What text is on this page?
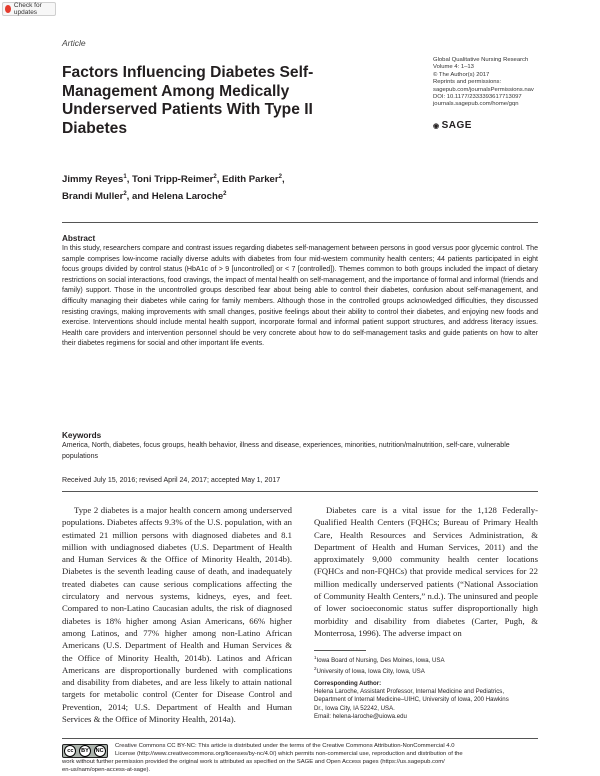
Check for updates
Article
Factors Influencing Diabetes Self-Management Among Medically Underserved Patients With Type II Diabetes
Global Qualitative Nursing Research
Volume 4: 1–13
© The Author(s) 2017
Reprints and permissions:
sagepub.com/journalsPermissions.nav
DOI: 10.1177/2333393617713097
journals.sagepub.com/home/gqn
◉ SAGE
Jimmy Reyes$^1$, Toni Tripp-Reimer$^2$, Edith Parker$^2$,
Brandi Muller$^2$, and Helena Laroche$^2$
Abstract
In this study, researchers compare and contrast issues regarding diabetes self-management between persons in good versus poor glycemic control. The sample comprises low-income racially diverse adults with diabetes from four mid-western community health centers; 44 patients participated in eight focus groups divided by control status (HbA1c of > 9 [uncontrolled] or < 7 [controlled]). Themes common to both groups included the impact of dietary restrictions on social interactions, food cravings, the impact of mental health on self-management, and the importance of formal and informal (friends and family) support. Those in the uncontrolled groups described fear about being able to control their diabetes, confusion about self-management, and difficulty managing their diabetes while caring for family members. Although those in the controlled groups acknowledged difficulties, they discussed resisting cravings, making improvements with small changes, positive feelings about their ability to control their diabetes, and enjoying new foods and exercise. Interventions should include mental health support, incorporate formal and informal patient support structures, and address literacy issues. Health care providers and intervention personnel should be very concrete about how to do self-management tasks and guide patients on how to alter their diabetes regimens for social and other important life events.
Keywords
America, North, diabetes, focus groups, health behavior, illness and disease, experiences, minorities, nutrition/malnutrition, self-care, vulnerable populations
Received July 15, 2016; revised April 24, 2017; accepted May 1, 2017

Type 2 diabetes is a major health concern among underserved populations. Diabetes affects 9.3% of the U.S. population, with an estimated 21 million persons with diagnosed diabetes and 8.1 million with undiagnosed diabetes (U.S. Department of Health and Human Services & the Office of Minority Health, 2014b). Diabetes is the seventh leading cause of death, and inadequately treated diabetes can cause serious complications affecting the circulatory and nervous systems, kidneys, eyes, and feet. Compared to non-Latino Caucasian adults, the risk of diagnosed diabetes is 18% higher among Asian Americans, 66% higher among Latinos, and 77% higher among non-Latino African Americans (U.S. Department of Health and Human Services & the Office of Minority Health, 2014b). Latinos and African Americans are disproportionally burdened with complications and disability from diabetes, and are less likely to attain national targets for metabolic control (Center for Disease Control and Prevention, 2014; U.S. Department of Health and Human Services & the Office of Minority Health, 2014a).

Diabetes care is a vital issue for the 1,128 Federally-Qualified Health Centers (FQHCs; Bureau of Primary Health Care, Health Resources and Services Administration, & Department of Health and Human Services, 2011) and the approximately 9,000 community health center locations (FQHCs and non-FQHCs) that provide medical services for 22 million medically underserved patients (“National Association of Community Health Centers,” n.d.). The uninsured and people of lower socioeconomic status suffer disproportionally high morbidity and disability from diabetes (Carter, Pugh, & Monterrosa, 1996). The adverse impact on

$^1$Iowa Board of Nursing, Des Moines, Iowa, USA
$^2$University of Iowa, Iowa City, Iowa, USA
Corresponding Author:
Helena Laroche, Assistant Professor, Internal Medicine and Pediatrics,
Department of Internal Medicine–UIHC, University of Iowa, 200 Hawkins
Dr., Iowa City, IA 52242, USA.
Email: helena-laroche@uiowa.edu
cc	BY	NC
Creative Commons CC BY-NC: This article is distributed under the terms of the Creative Commons Attribution-NonCommercial 4.0
License (http://www.creativecommons.org/licenses/by-nc/4.0/) which permits non-commercial use, reproduction and distribution of the
work without further permission provided the original work is attributed as specified on the SAGE and Open Access pages (https://us.sagepub.com/
en-us/nam/open-access-at-sage).
